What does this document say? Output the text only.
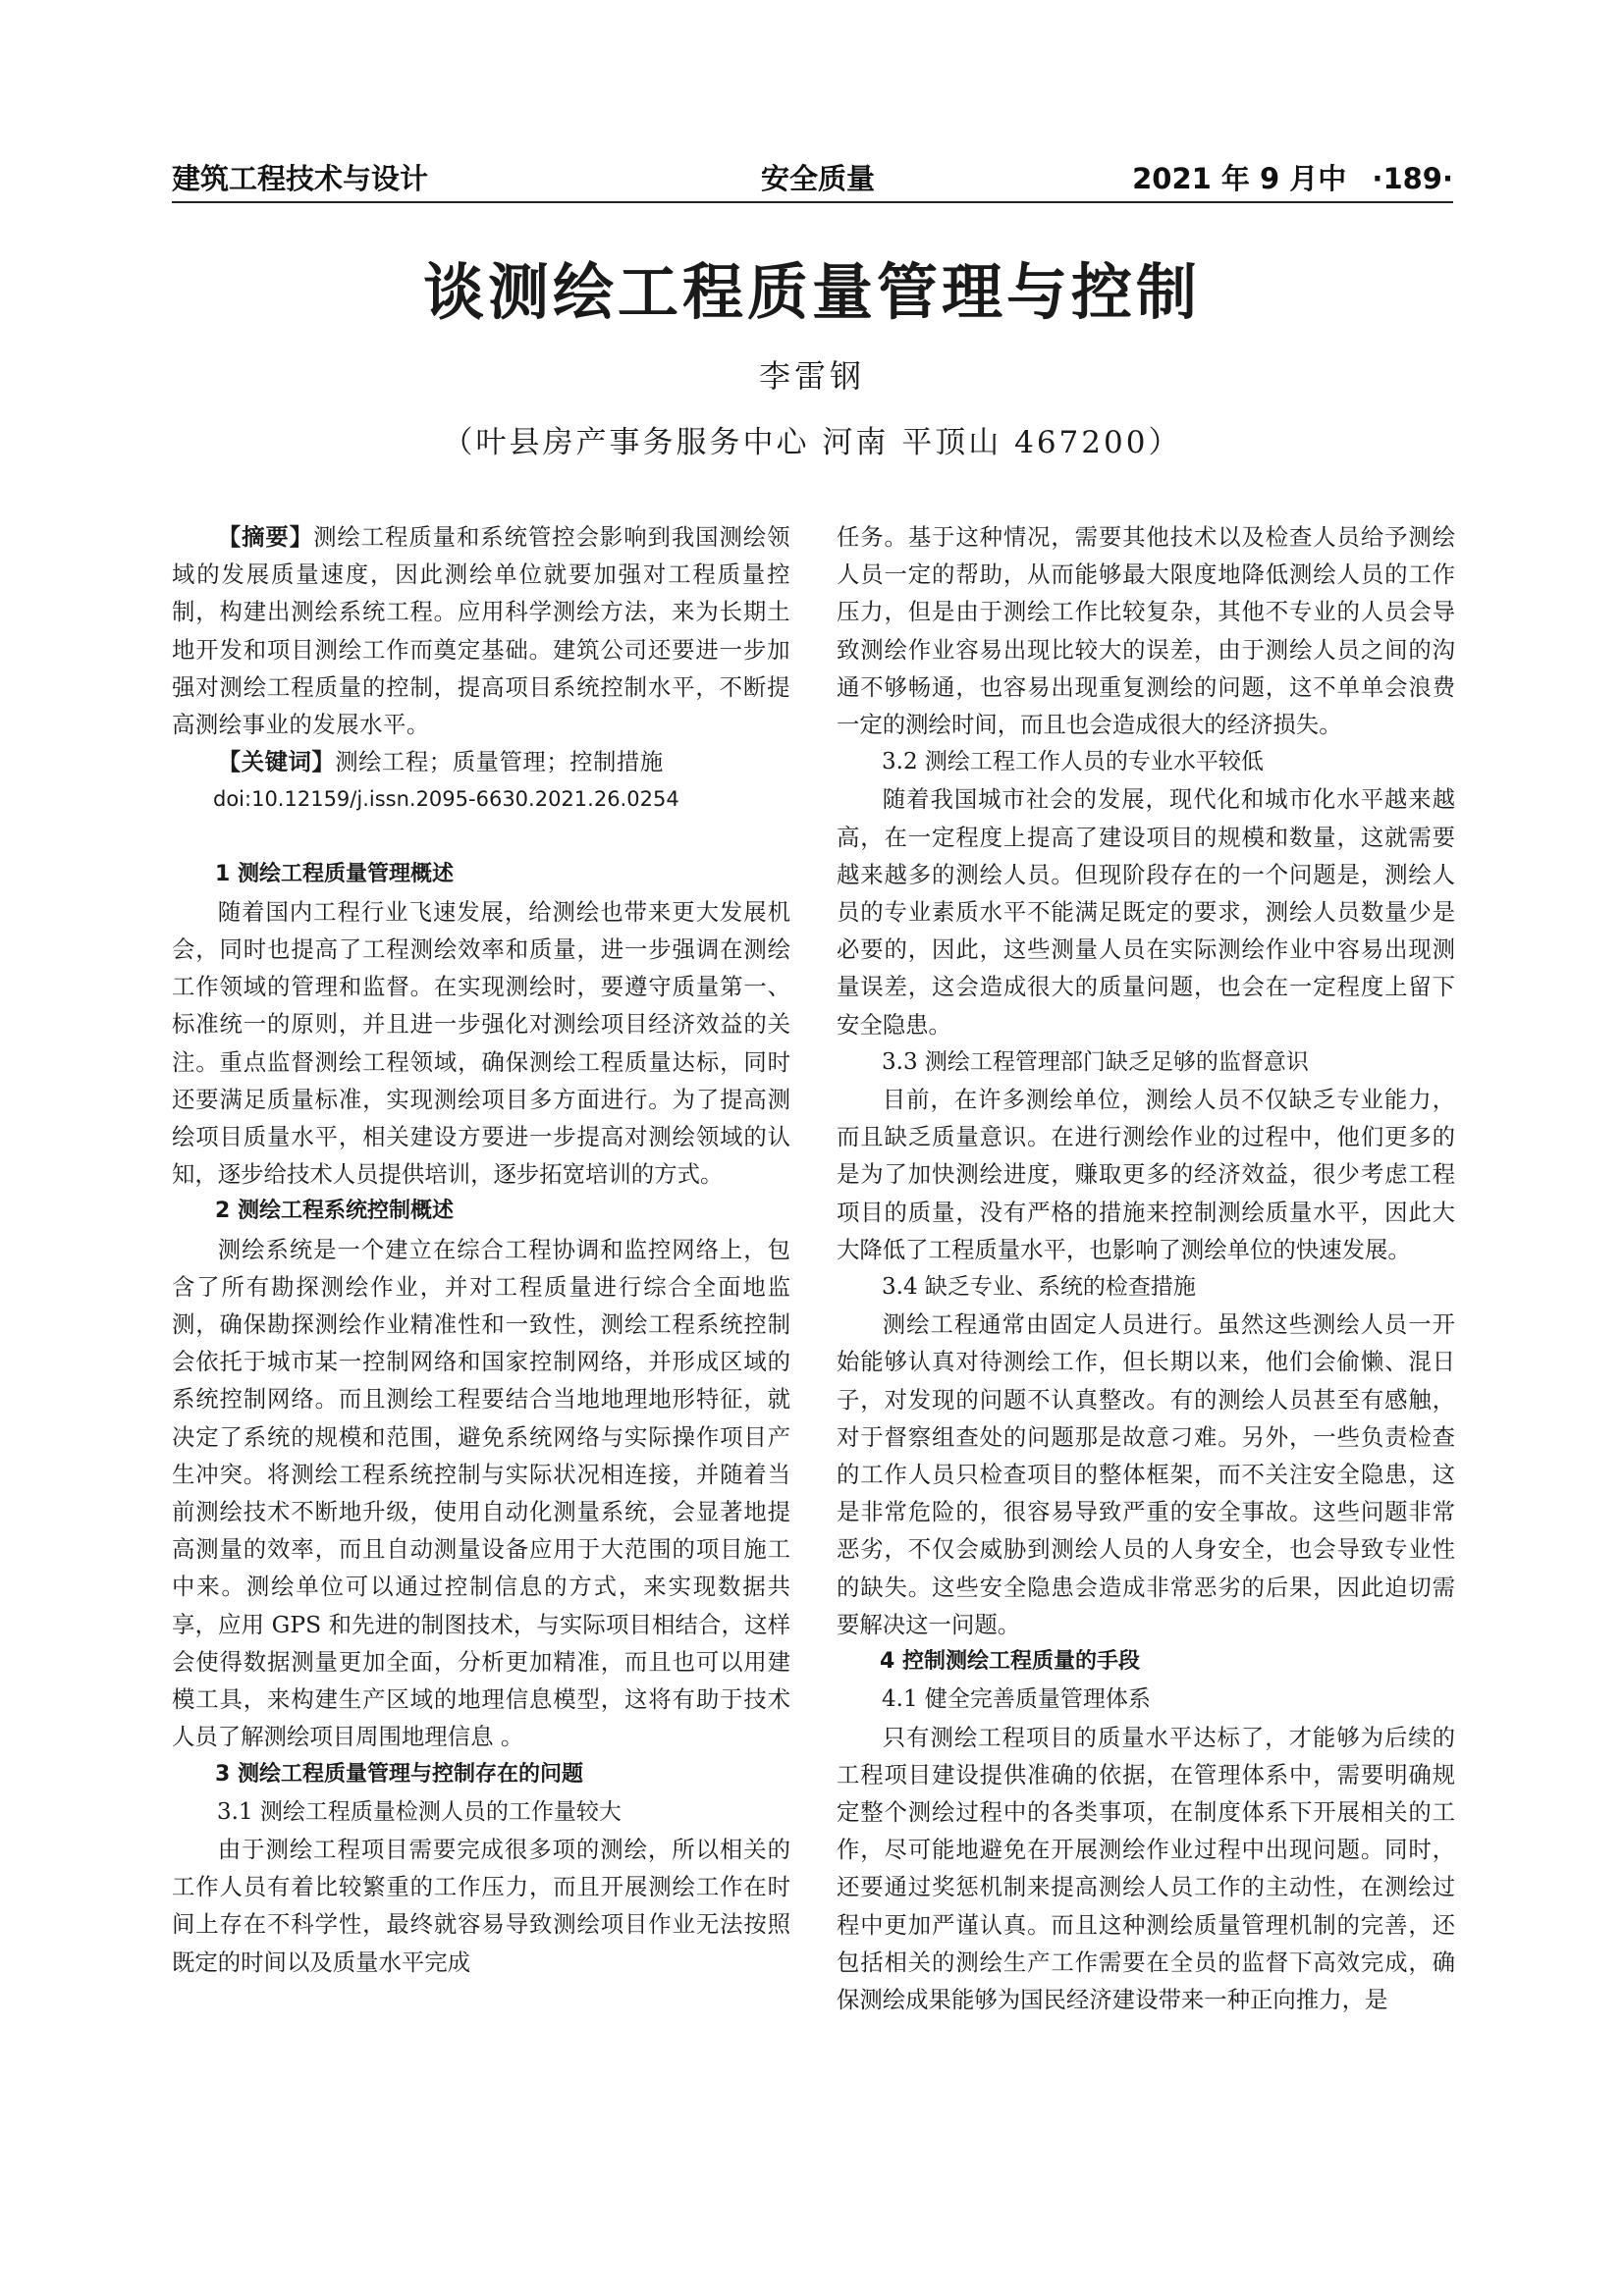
建筑工程技术与设计	安全质量	2021 年 9 月中 ·189·
谈测绘工程质量管理与控制
李雷钢
（叶县房产事务服务中心 河南 平顶山 467200）

【摘要】测绘工程质量和系统管控会影响到我国测绘领域的发展质量速度，因此测绘单位就要加强对工程质量控制，构建出测绘系统工程。应用科学测绘方法，来为长期土地开发和项目测绘工作而奠定基础。建筑公司还要进一步加强对测绘工程质量的控制，提高项目系统控制水平，不断提高测绘事业的发展水平。

【关键词】测绘工程；质量管理；控制措施

doi:10.12159/j.issn.2095-6630.2021.26.0254

1 测绘工程质量管理概述

随着国内工程行业飞速发展，给测绘也带来更大发展机会，同时也提高了工程测绘效率和质量，进一步强调在测绘工作领域的管理和监督。在实现测绘时，要遵守质量第一、标准统一的原则，并且进一步强化对测绘项目经济效益的关注。重点监督测绘工程领域，确保测绘工程质量达标，同时还要满足质量标准，实现测绘项目多方面进行。为了提高测绘项目质量水平，相关建设方要进一步提高对测绘领域的认知，逐步给技术人员提供培训，逐步拓宽培训的方式。

2 测绘工程系统控制概述

测绘系统是一个建立在综合工程协调和监控网络上，包含了所有勘探测绘作业，并对工程质量进行综合全面地监测，确保勘探测绘作业精准性和一致性，测绘工程系统控制会依托于城市某一控制网络和国家控制网络，并形成区域的系统控制网络。而且测绘工程要结合当地地理地形特征，就决定了系统的规模和范围，避免系统网络与实际操作项目产生冲突。将测绘工程系统控制与实际状况相连接，并随着当前测绘技术不断地升级，使用自动化测量系统，会显著地提高测量的效率，而且自动测量设备应用于大范围的项目施工中来。测绘单位可以通过控制信息的方式，来实现数据共享，应用 GPS 和先进的制图技术，与实际项目相结合，这样会使得数据测量更加全面，分析更加精准，而且也可以用建模工具，来构建生产区域的地理信息模型，这将有助于技术人员了解测绘项目周围地理信息 。

3 测绘工程质量管理与控制存在的问题
3.1 测绘工程质量检测人员的工作量较大

由于测绘工程项目需要完成很多项的测绘，所以相关的工作人员有着比较繁重的工作压力，而且开展测绘工作在时间上存在不科学性，最终就容易导致测绘项目作业无法按照既定的时间以及质量水平完成

任务。基于这种情况，需要其他技术以及检查人员给予测绘人员一定的帮助，从而能够最大限度地降低测绘人员的工作压力，但是由于测绘工作比较复杂，其他不专业的人员会导致测绘作业容易出现比较大的误差，由于测绘人员之间的沟通不够畅通，也容易出现重复测绘的问题，这不单单会浪费一定的测绘时间，而且也会造成很大的经济损失。

3.2 测绘工程工作人员的专业水平较低

随着我国城市社会的发展，现代化和城市化水平越来越高，在一定程度上提高了建设项目的规模和数量，这就需要越来越多的测绘人员。但现阶段存在的一个问题是，测绘人员的专业素质水平不能满足既定的要求，测绘人员数量少是必要的，因此，这些测量人员在实际测绘作业中容易出现测量误差，这会造成很大的质量问题，也会在一定程度上留下安全隐患。

3.3 测绘工程管理部门缺乏足够的监督意识

目前，在许多测绘单位，测绘人员不仅缺乏专业能力，而且缺乏质量意识。在进行测绘作业的过程中，他们更多的是为了加快测绘进度，赚取更多的经济效益，很少考虑工程项目的质量，没有严格的措施来控制测绘质量水平，因此大大降低了工程质量水平，也影响了测绘单位的快速发展。

3.4 缺乏专业、系统的检查措施

测绘工程通常由固定人员进行。虽然这些测绘人员一开始能够认真对待测绘工作，但长期以来，他们会偷懒、混日子，对发现的问题不认真整改。有的测绘人员甚至有感触，对于督察组查处的问题那是故意刁难。另外，一些负责检查的工作人员只检查项目的整体框架，而不关注安全隐患，这是非常危险的，很容易导致严重的安全事故。这些问题非常恶劣，不仅会威胁到测绘人员的人身安全，也会导致专业性的缺失。这些安全隐患会造成非常恶劣的后果，因此迫切需要解决这一问题。

4 控制测绘工程质量的手段
4.1 健全完善质量管理体系

只有测绘工程项目的质量水平达标了，才能够为后续的工程项目建设提供准确的依据，在管理体系中，需要明确规定整个测绘过程中的各类事项，在制度体系下开展相关的工作，尽可能地避免在开展测绘作业过程中出现问题。同时，还要通过奖惩机制来提高测绘人员工作的主动性，在测绘过程中更加严谨认真。而且这种测绘质量管理机制的完善，还包括相关的测绘生产工作需要在全员的监督下高效完成，确保测绘成果能够为国民经济建设带来一种正向推力，是
